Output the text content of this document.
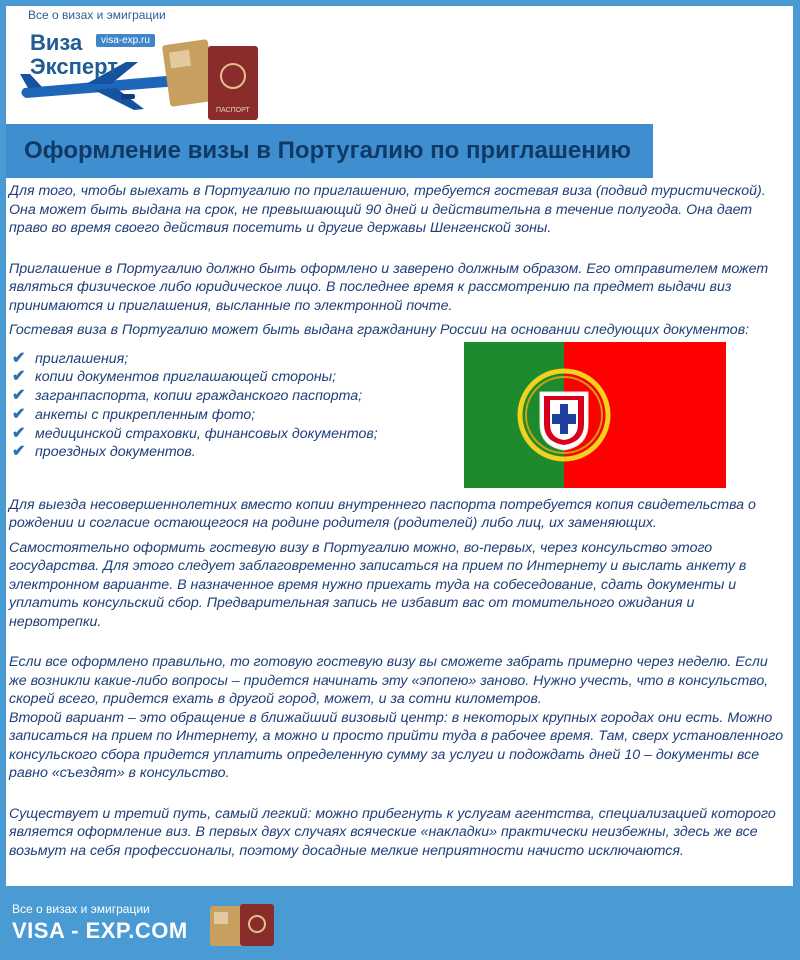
Все о визах и эмиграции
ПАСПОРТ
Виза
Эксперт
visa-exp.ru
Оформление визы в Португалию по приглашению

Для того, чтобы выехать в Португалию по приглашению, требуется гостевая виза (подвид туристической). Она может быть выдана на срок, не превышающий 90 дней и действительна в течение полугода. Она дает право во время своего действия посетить и другие державы Шенгенской зоны.

Приглашение в Португалию должно быть оформлено и заверено должным образом. Его отправителем может являться физическое либо юридическое лицо. В последнее время к рассмотрению па предмет выдачи виз принимаются и приглашения, высланные по электронной почте.

Гостевая виза в Португалию может быть выдана гражданину России на основании следующих документов:

✔ приглашения;
✔ копии документов приглашающей стороны;
✔ загранпаспорта, копии гражданского паспорта;
✔ анкеты с прикрепленным фото;
✔ медицинской страховки, финансовых документов;
✔ проездных документов.

Для выезда несовершеннолетних вместо копии внутреннего паспорта потребуется копия свидетельства о рождении и согласие остающегося на родине родителя (родителей) либо лиц, их заменяющих.

Самостоятельно оформить гостевую визу в Португалию можно, во-первых, через консульство этого государства. Для этого следует заблаговременно записаться на прием по Интернету и выслать анкету в электронном варианте. В назначенное время нужно приехать туда на собеседование, сдать документы и уплатить консульский сбор. Предварительная запись не избавит вас от томительного ожидания и нервотрепки.

Если все оформлено правильно, то готовую гостевую визу вы сможете забрать примерно через неделю. Если же возникли какие-либо вопросы – придется начинать эту «эпопею» заново. Нужно учесть, что в консульство, скорей всего, придется ехать в другой город, может, и за сотни километров.

Второй вариант – это обращение в ближайший визовый центр: в некоторых крупных городах они есть. Можно записаться на прием по Интернету, а можно и просто прийти туда в рабочее время. Там, сверх установленного консульского сбора придется уплатить определенную сумму за услуги и подождать дней 10 – документы все равно «съездят» в консульство.

Существует и третий путь, самый легкий: можно прибегнуть к услугам агентства, специализацией которого является оформление виз. В первых двух случаях всяческие «накладки» практически неизбежны, здесь же все возьмут на себя профессионалы, поэтому досадные мелкие неприятности начисто исключаются.

Все о визах и эмиграции
VISA - EXP.COM
